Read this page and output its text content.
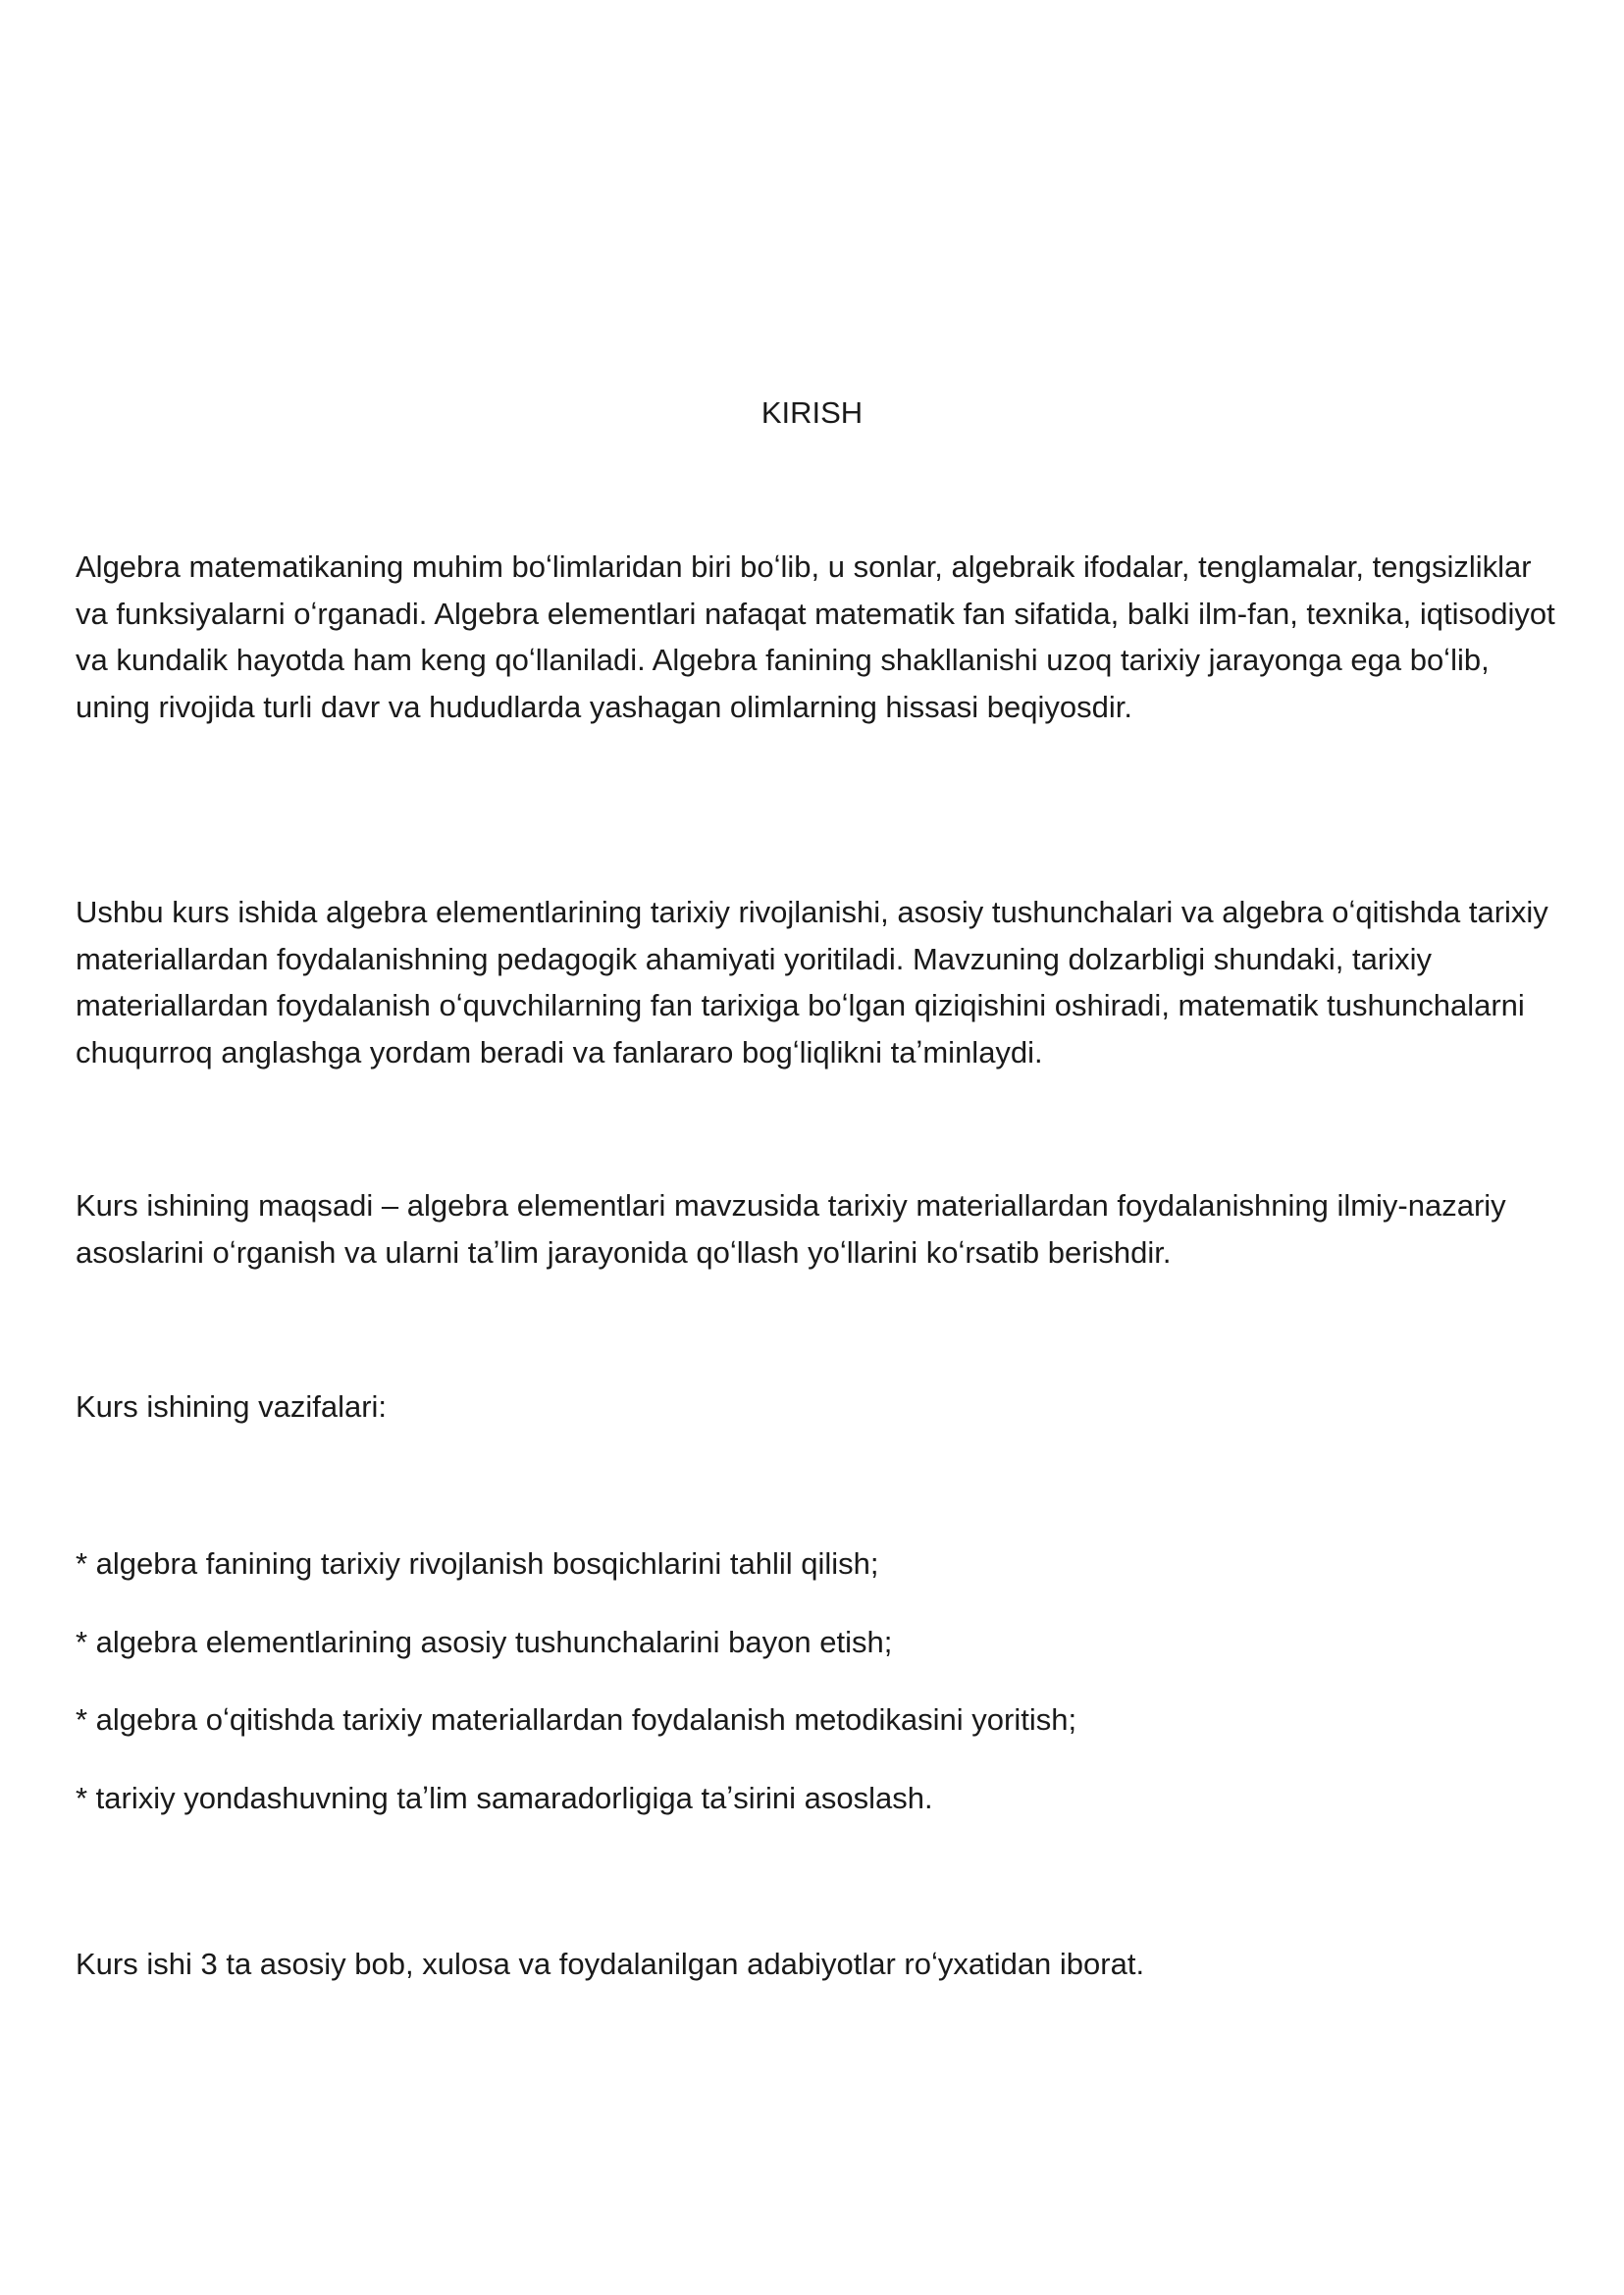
KIRISH

Algebra matematikaning muhim boʻlimlaridan biri boʻlib, u sonlar, algebraik ifodalar, tenglamalar, tengsizliklar va funksiyalarni oʻrganadi. Algebra elementlari nafaqat matematik fan sifatida, balki ilm-fan, texnika, iqtisodiyot va kundalik hayotda ham keng qoʻllaniladi. Algebra fanining shakllanishi uzoq tarixiy jarayonga ega boʻlib, uning rivojida turli davr va hududlarda yashagan olimlarning hissasi beqiyosdir.

Ushbu kurs ishida algebra elementlarining tarixiy rivojlanishi, asosiy tushunchalari va algebra oʻqitishda tarixiy materiallardan foydalanishning pedagogik ahamiyati yoritiladi. Mavzuning dolzarbligi shundaki, tarixiy materiallardan foydalanish oʻquvchilarning fan tarixiga boʻlgan qiziqishini oshiradi, matematik tushunchalarni chuqurroq anglashga yordam beradi va fanlararo bogʻliqlikni taʼminlaydi.

Kurs ishining maqsadi – algebra elementlari mavzusida tarixiy materiallardan foydalanishning ilmiy-nazariy asoslarini oʻrganish va ularni taʼlim jarayonida qoʻllash yoʻllarini koʻrsatib berishdir.

Kurs ishining vazifalari:

* algebra fanining tarixiy rivojlanish bosqichlarini tahlil qilish;
* algebra elementlarining asosiy tushunchalarini bayon etish;
* algebra oʻqitishda tarixiy materiallardan foydalanish metodikasini yoritish;
* tarixiy yondashuvning taʼlim samaradorligiga taʼsirini asoslash.

Kurs ishi 3 ta asosiy bob, xulosa va foydalanilgan adabiyotlar roʻyxatidan iborat.
